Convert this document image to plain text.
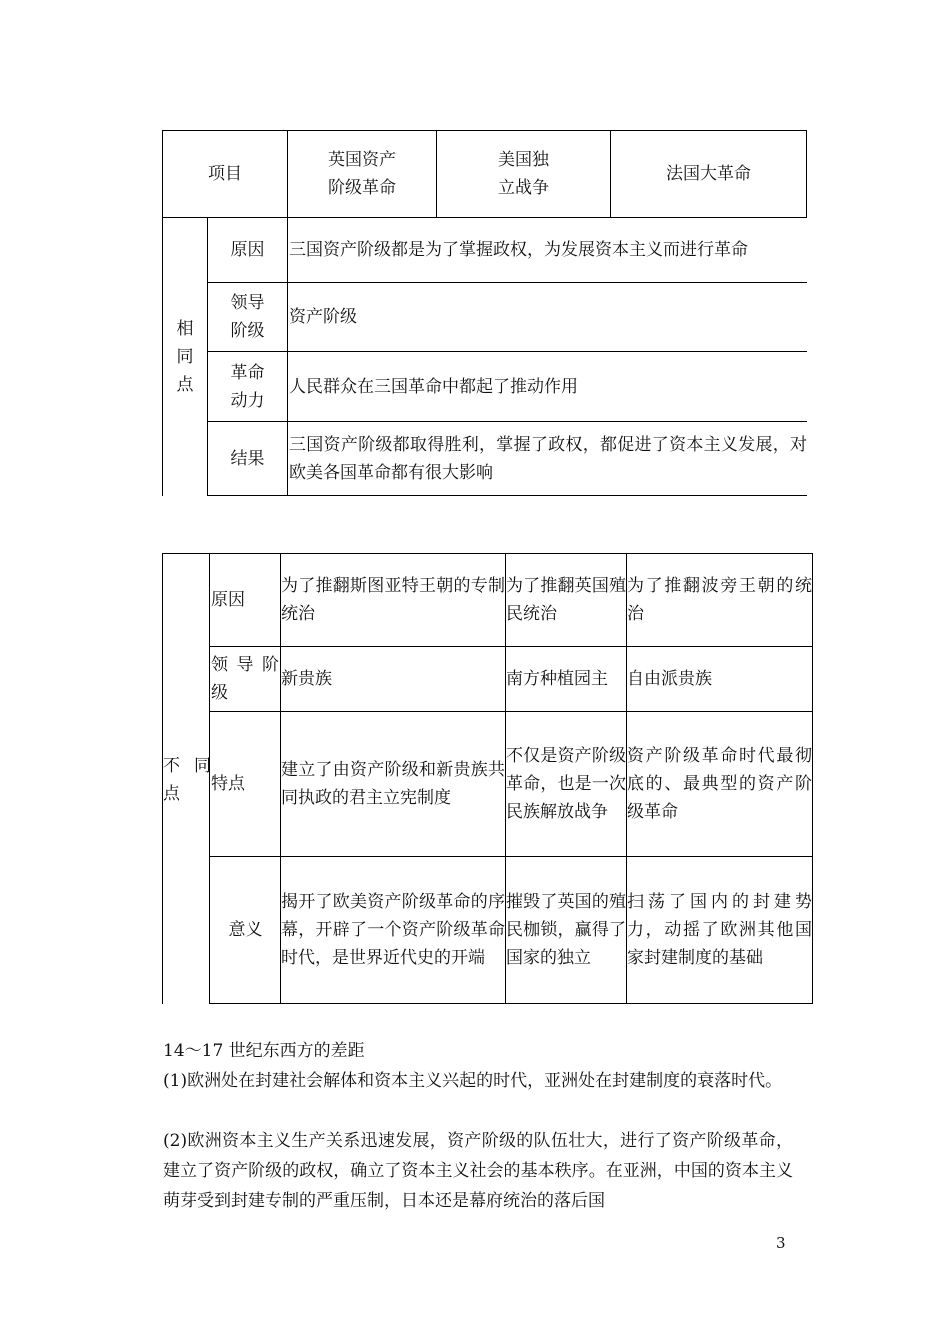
项目
英国资产
阶级革命
美国独
立战争
法国大革命
相
同
点
原因
领导
阶级
革命
动力
结果
三国资产阶级都是为了掌握政权，为发展资本主义而进行革命
资产阶级
人民群众在三国革命中都起了推动作用
三国资产阶级都取得胜利，掌握了政权，都促进了资本主义发展，对欧美各国革命都有很大影响
不 同 点
原因
为了推翻斯图亚特王朝的专制统治
为了推翻英国殖民统治
为了推翻波旁王朝的统治
领 导 阶级
新贵族	南方种植园主 自由派贵族
特点
建立了由资产阶级和新贵族共同执政的君主立宪制度
不仅是资产阶级革命，也是一次民族解放战争
资产阶级革命时代最彻底的、最典型的资产阶级革命
意义
揭开了欧美资产阶级革命的序幕，开辟了一个资产阶级革命时代，是世界近代史的开端
摧毁了英国的殖民枷锁，赢得了国家的独立
扫荡了国内的封建势力，动摇了欧洲其他国家封建制度的基础

14～17 世纪东西方的差距

(1)欧洲处在封建社会解体和资本主义兴起的时代，亚洲处在封建制度的衰落时代。

(2)欧洲资本主义生产关系迅速发展，资产阶级的队伍壮大，进行了资产阶级革命，建立了资产阶级的政权，确立了资本主义社会的基本秩序。在亚洲，中国的资本主义萌芽受到封建专制的严重压制，日本还是幕府统治的落后国

3
